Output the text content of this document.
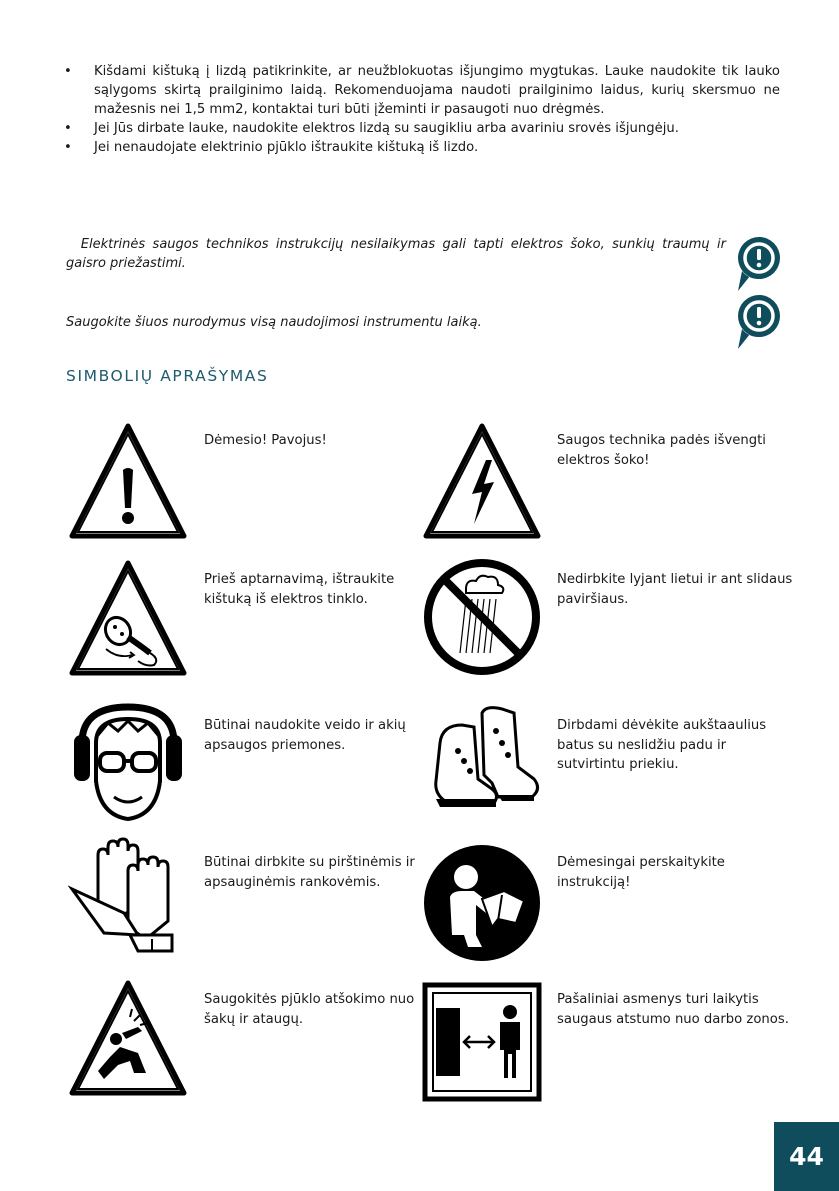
• Kišdami kištuką į lizdą patikrinkite, ar neužblokuotas išjungimo mygtukas. Lauke naudokite tik lauko sąlygoms skirtą prailginimo laidą. Rekomenduojama naudoti prailginimo laidus, kurių skersmuo ne mažesnis nei 1,5 mm2, kontaktai turi būti įžeminti ir pasaugoti nuo drėgmės.
• Jei Jūs dirbate lauke, naudokite elektros lizdą su saugikliu arba avariniu srovės išjungėju.
• Jei nenaudojate elektrinio pjūklo ištraukite kištuką iš lizdo.
Elektrinės saugos technikos instrukcijų nesilaikymas gali tapti elektros šoko, sunkių traumų ir gaisro priežastimi.
Saugokite šiuos nurodymus visą naudojimosi instrumentu laiką.
SIMBOLIŲ APRAŠYMAS
Dėmesio! Pavojus!	Saugos technika padės išvengti elektros šoko!
Prieš aptarnavimą, ištraukite kištuką iš elektros tinklo.
Nedirbkite lyjant lietui ir ant slidaus paviršiaus.
Būtinai naudokite veido ir akių apsaugos priemones.
Dirbdami dėvėkite aukštaaulius batus su neslidžiu padu ir sutvirtintu priekiu.
Būtinai dirbkite su pirštinėmis ir apsauginėmis rankovėmis.
Dėmesingai perskaitykite instrukciją!
Saugokitės pjūklo atšokimo nuo šakų ir ataugų.
Pašaliniai asmenys turi laikytis saugaus atstumo nuo darbo zonos.
44
